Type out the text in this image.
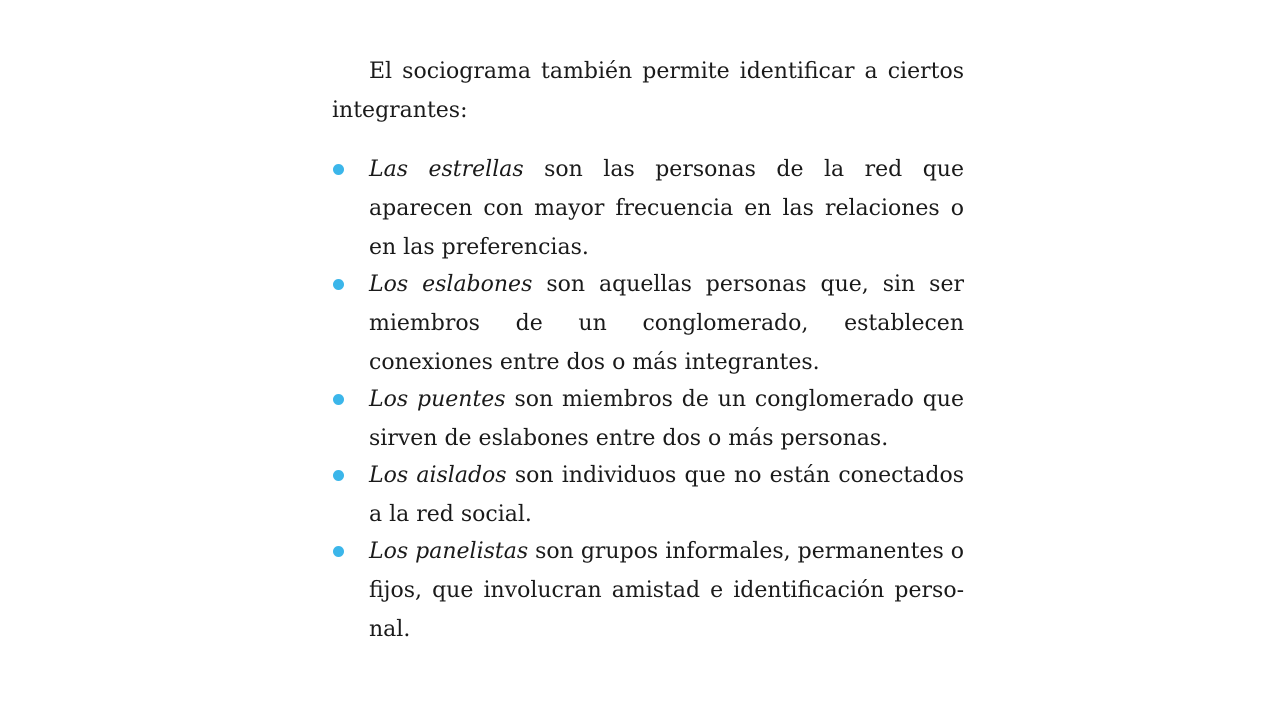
El sociograma también permite identificar a ciertos integrantes:

Las estrellas son las personas de la red que aparecen con mayor frecuencia en las relaciones o en las preferencias.
Los eslabones son aquellas personas que, sin ser miembros de un conglomerado, establecen conexiones entre dos o más integrantes.
Los puentes son miembros de un conglomerado que sirven de eslabones entre dos o más personas.
Los aislados son individuos que no están conectados a la red social.
Los panelistas son grupos informales, permanentes o fijos, que involucran amistad e identificación personal.
